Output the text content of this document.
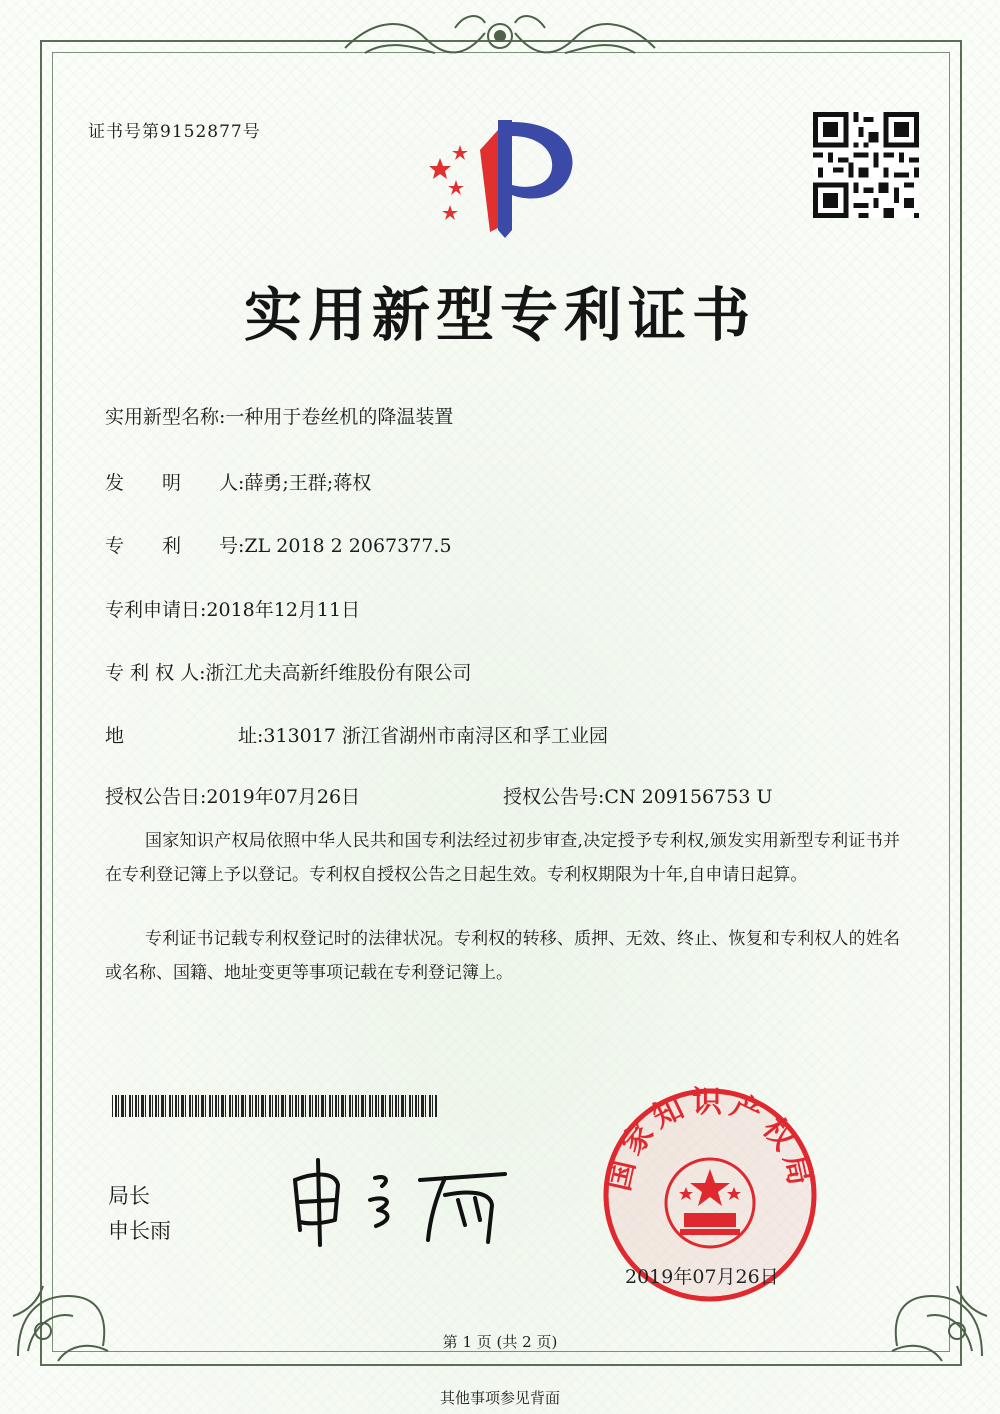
证书号第9152877号
实用新型专利证书
实用新型名称:一种用于卷丝机的降温装置
发　　明　　人:薛勇;王群;蒋权
专　　利　　号:ZL 2018 2 2067377.5
专利申请日:2018年12月11日
专 利 权 人:浙江尤夫高新纤维股份有限公司
地　　　　　　址:313017 浙江省湖州市南浔区和孚工业园
授权公告日:2019年07月26日	授权公告号:CN 209156753 U
国家知识产权局依照中华人民共和国专利法经过初步审查,决定授予专利权,颁发实用新型专利证书并在专利登记簿上予以登记。专利权自授权公告之日起生效。专利权期限为十年,自申请日起算。
专利证书记载专利权登记时的法律状况。专利权的转移、质押、无效、终止、恢复和专利权人的姓名或名称、国籍、地址变更等事项记载在专利登记簿上。
局长
申长雨
国家知识产权局
2019年07月26日
第 1 页 (共 2 页)
其他事项参见背面
